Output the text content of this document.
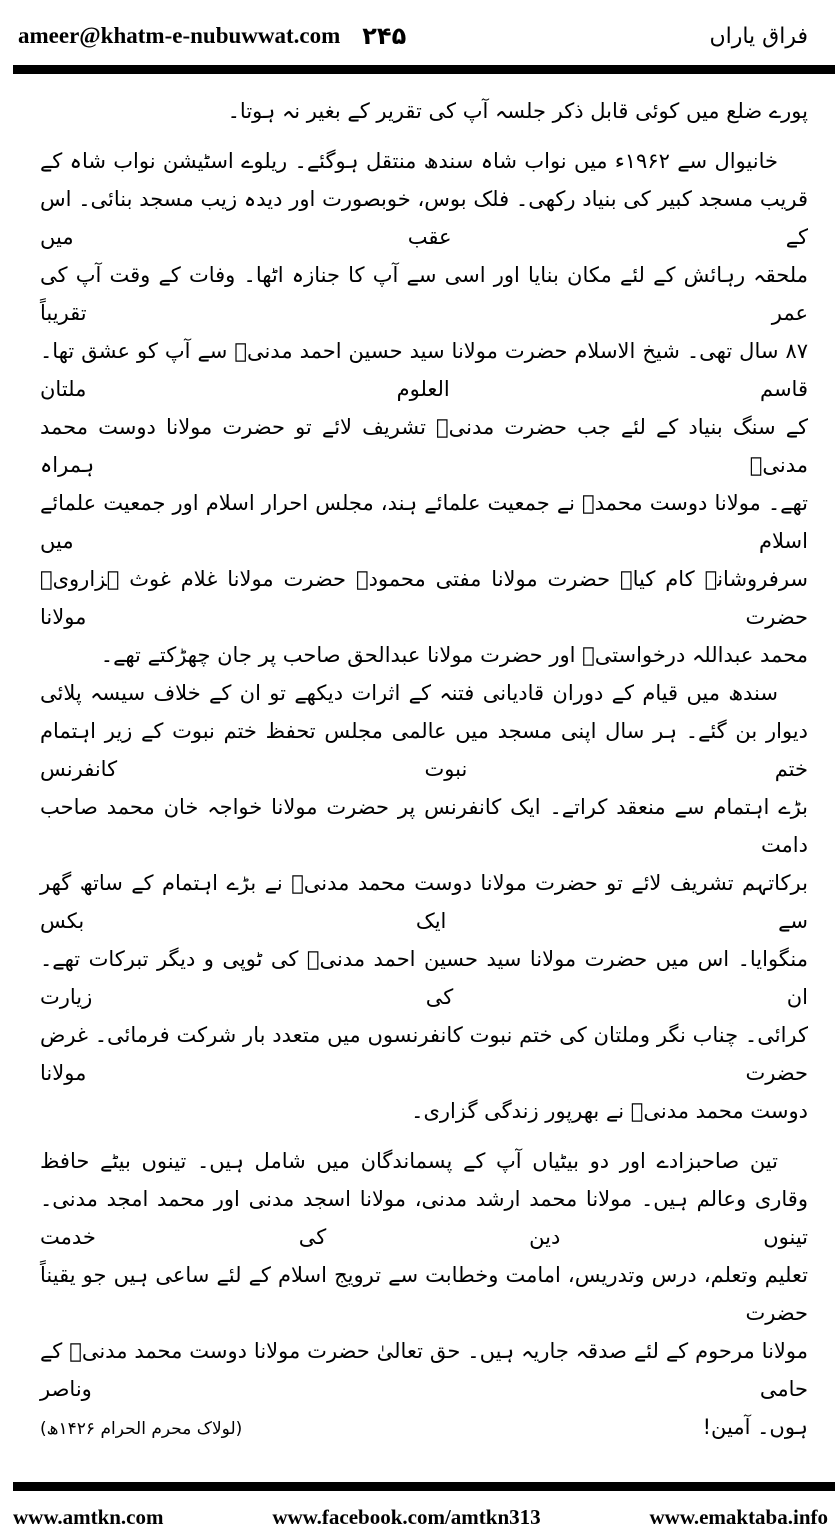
ameer@khatm-e-nubuwwat.com ۲۴۵	فراق یاراں

پورے ضلع میں کوئی قابل ذکر جلسہ آپ کی تقریر کے بغیر نہ ہوتا۔

خانیوال سے ۱۹۶۲ء میں نواب شاہ سندھ منتقل ہوگئے۔ ریلوے اسٹیشن نواب شاہ کے

قریب مسجد کبیر کی بنیاد رکھی۔ فلک بوس، خوبصورت اور دیدہ زیب مسجد بنائی۔ اس کے عقب میں

ملحقہ رہائش کے لئے مکان بنایا اور اسی سے آپ کا جنازہ اٹھا۔ وفات کے وقت آپ کی عمر تقریباً

۸۷ سال تھی۔ شیخ الاسلام حضرت مولانا سید حسین احمد مدنیؒ سے آپ کو عشق تھا۔ قاسم العلوم ملتان

کے سنگ بنیاد کے لئے جب حضرت مدنیؒ تشریف لائے تو حضرت مولانا دوست محمد مدنیؒ ہمراہ

تھے۔ مولانا دوست محمدؒ نے جمعیت علمائے ہند، مجلس احرار اسلام اور جمعیت علمائے اسلام میں

سرفروشانہ کام کیا۔ حضرت مولانا مفتی محمودؒ حضرت مولانا غلام غوث ہزارویؒ حضرت مولانا

محمد عبداللہ درخواستیؒ اور حضرت مولانا عبدالحق صاحب پر جان چھڑکتے تھے۔

سندھ میں قیام کے دوران قادیانی فتنہ کے اثرات دیکھے تو ان کے خلاف سیسہ پلائی

دیوار بن گئے۔ ہر سال اپنی مسجد میں عالمی مجلس تحفظ ختم نبوت کے زیر اہتمام ختم نبوت کانفرنس

بڑے اہتمام سے منعقد کراتے۔ ایک کانفرنس پر حضرت مولانا خواجہ خان محمد صاحب دامت

برکاتہم تشریف لائے تو حضرت مولانا دوست محمد مدنیؒ نے بڑے اہتمام کے ساتھ گھر سے ایک بکس

منگوایا۔ اس میں حضرت مولانا سید حسین احمد مدنیؒ کی ٹوپی و دیگر تبرکات تھے۔ ان کی زیارت

کرائی۔ چناب نگر وملتان کی ختم نبوت کانفرنسوں میں متعدد بار شرکت فرمائی۔ غرض حضرت مولانا

دوست محمد مدنیؒ نے بھرپور زندگی گزاری۔

تین صاحبزادے اور دو بیٹیاں آپ کے پسماندگان میں شامل ہیں۔ تینوں بیٹے حافظ

وقاری وعالم ہیں۔ مولانا محمد ارشد مدنی، مولانا اسجد مدنی اور محمد امجد مدنی۔ تینوں دین کی خدمت

تعلیم وتعلم، درس وتدریس، امامت وخطابت سے ترویج اسلام کے لئے ساعی ہیں جو یقیناً حضرت

مولانا مرحوم کے لئے صدقہ جاریہ ہیں۔ حق تعالیٰ حضرت مولانا دوست محمد مدنیؒ کے حامی وناصر

ہوں۔ آمین!
(لولاک محرم الحرام ۱۴۲۶ھ)
www.amtkn.com	www.facebook.com/amtkn313	www.emaktaba.info
